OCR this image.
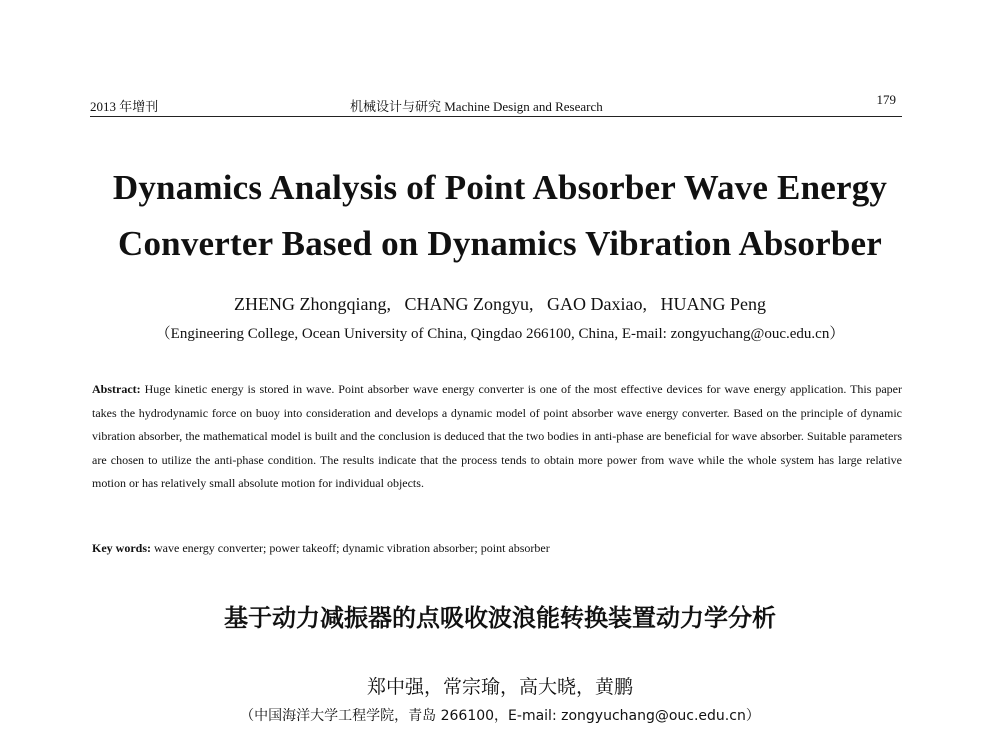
2013 年增刊	机械设计与研究 Machine Design and Research	179
Dynamics Analysis of Point Absorber Wave Energy
Converter Based on Dynamics Vibration Absorber
ZHENG Zhongqiang,   CHANG Zongyu,   GAO Daxiao,   HUANG Peng
（Engineering College, Ocean University of China, Qingdao 266100, China, E-mail: zongyuchang@ouc.edu.cn）
Abstract: Huge kinetic energy is stored in wave. Point absorber wave energy converter is one of the most effective devices for wave energy application. This paper takes the hydrodynamic force on buoy into consideration and develops a dynamic model of point absorber wave energy converter. Based on the principle of dynamic vibration absorber, the mathematical model is built and the conclusion is deduced that the two bodies in anti-phase are beneficial for wave absorber. Suitable parameters are chosen to utilize the anti-phase condition. The results indicate that the process tends to obtain more power from wave while the whole system has large relative motion or has relatively small absolute motion for individual objects.
Key words: wave energy converter; power takeoff; dynamic vibration absorber; point absorber
基于动力减振器的点吸收波浪能转换装置动力学分析
郑中强，常宗瑜，高大晓，黄鹏
（中国海洋大学工程学院，青岛 266100，E-mail: zongyuchang@ouc.edu.cn）
